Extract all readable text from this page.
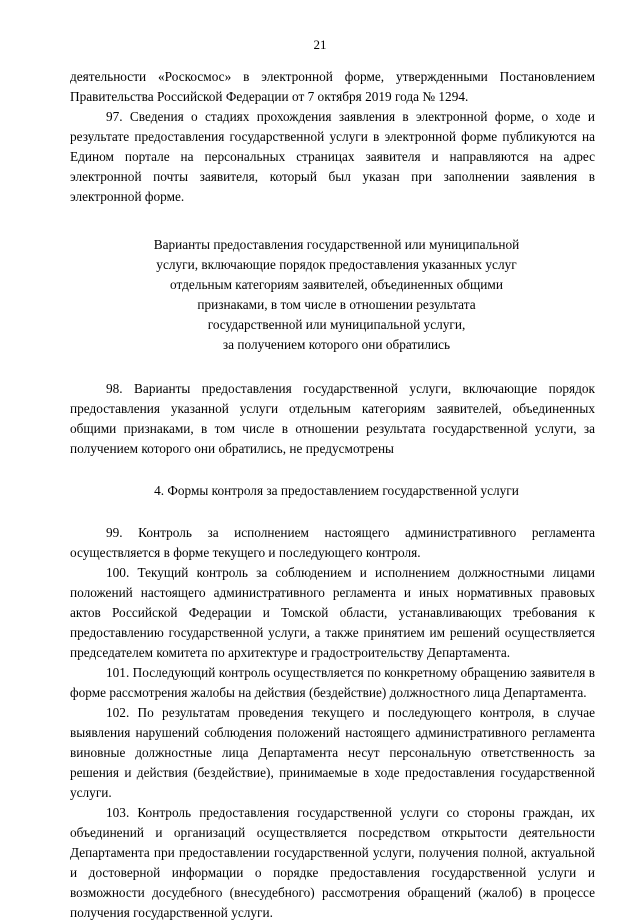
21

деятельности «Роскосмос» в электронной форме, утвержденными Постановлением Правительства Российской Федерации от 7 октября 2019 года № 1294.

97. Сведения о стадиях прохождения заявления в электронной форме, о ходе и результате предоставления государственной услуги в электронной форме публикуются на Едином портале на персональных страницах заявителя и направляются на адрес электронной почты заявителя, который был указан при заполнении заявления в электронной форме.

Варианты предоставления государственной или муниципальной
услуги, включающие порядок предоставления указанных услуг
отдельным категориям заявителей, объединенных общими
признаками, в том числе в отношении результата
государственной или муниципальной услуги,
за получением которого они обратились

98. Варианты предоставления государственной услуги, включающие порядок предоставления указанной услуги отдельным категориям заявителей, объединенных общими признаками, в том числе в отношении результата государственной услуги, за получением которого они обратились, не предусмотрены

4. Формы контроля за предоставлением государственной услуги

99. Контроль за исполнением настоящего административного регламента осуществляется в форме текущего и последующего контроля.

100. Текущий контроль за соблюдением и исполнением должностными лицами положений настоящего административного регламента и иных нормативных правовых актов Российской Федерации и Томской области, устанавливающих требования к предоставлению государственной услуги, а также принятием им решений осуществляется председателем комитета по архитектуре и градостроительству Департамента.

101. Последующий контроль осуществляется по конкретному обращению заявителя в форме рассмотрения жалобы на действия (бездействие) должностного лица Департамента.

102. По результатам проведения текущего и последующего контроля, в случае выявления нарушений соблюдения положений настоящего административного регламента виновные должностные лица Департамента несут персональную ответственность за решения и действия (бездействие), принимаемые в ходе предоставления государственной услуги.

103. Контроль предоставления государственной услуги со стороны граждан, их объединений и организаций осуществляется посредством открытости деятельности Департамента при предоставлении государственной услуги, получения полной, актуальной и достоверной информации о порядке предоставления государственной услуги и возможности досудебного (внесудебного) рассмотрения обращений (жалоб) в процессе получения государственной услуги.
